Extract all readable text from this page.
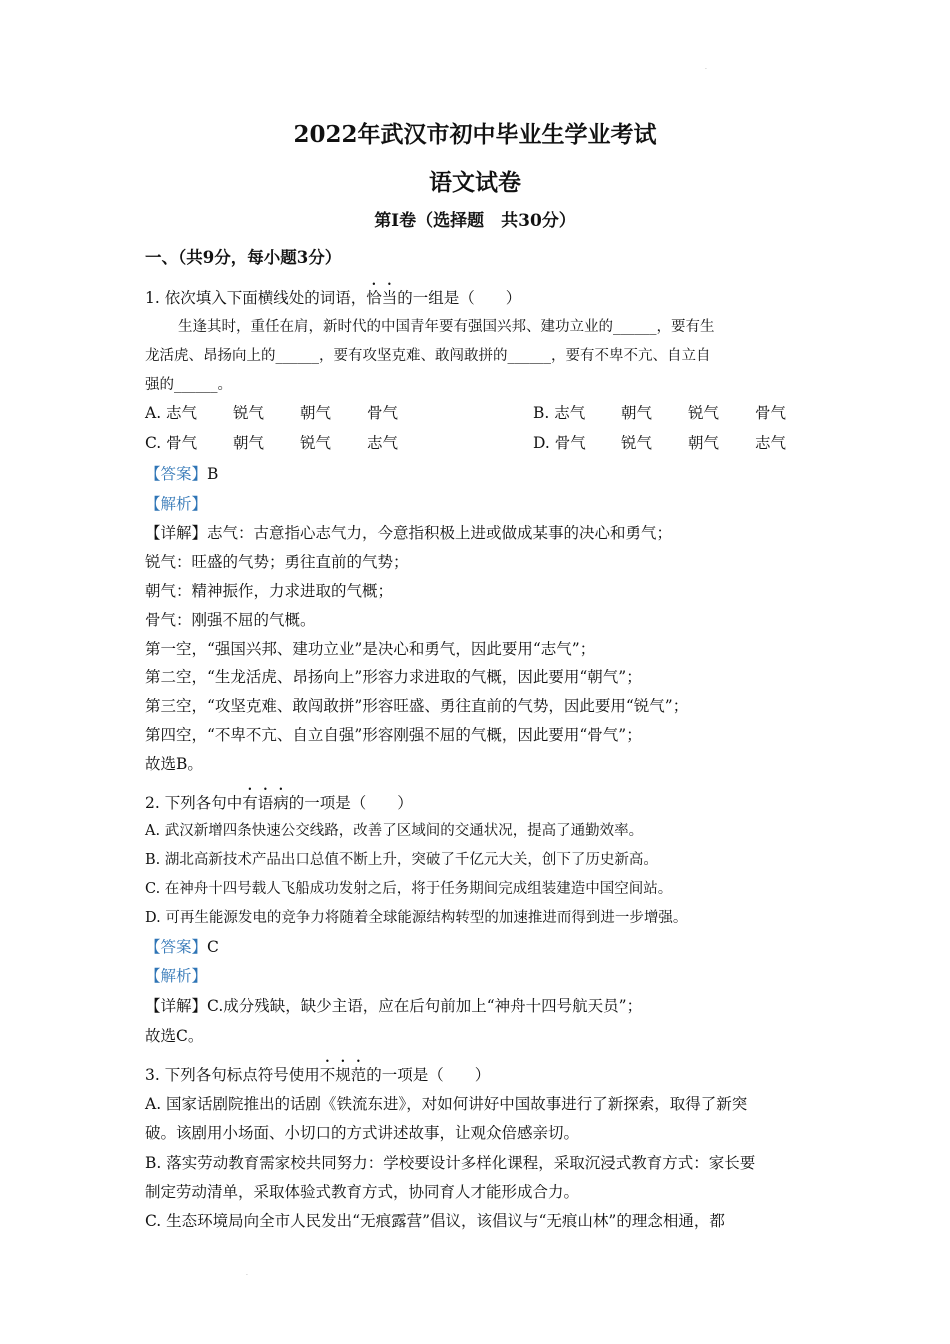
·
·
2022年武汉市初中毕业生学业考试
语文试卷
第Ⅰ卷（选择题　共30分）
一、（共9分，每小题3分）
1. 依次填入下面横线处的词语，恰当的一组是（　　）
生逢其时，重任在肩，新时代的中国青年要有强国兴邦、建功立业的______，要有生
龙活虎、昂扬向上的______，要有攻坚克难、敢闯敢拼的______，要有不卑不亢、自立自
强的______。
A. 志气 锐气 朝气 骨气	B. 志气 朝气 锐气 骨气
C. 骨气 朝气 锐气 志气	D. 骨气 锐气 朝气 志气
【答案】B
【解析】
【详解】志气：古意指心志气力，今意指积极上进或做成某事的决心和勇气；
锐气：旺盛的气势；勇往直前的气势；
朝气：精神振作，力求进取的气概；
骨气：刚强不屈的气概。
第一空，“强国兴邦、建功立业”是决心和勇气，因此要用“志气”；
第二空，“生龙活虎、昂扬向上”形容力求进取的气概，因此要用“朝气”；
第三空，“攻坚克难、敢闯敢拼”形容旺盛、勇往直前的气势，因此要用“锐气”；
第四空，“不卑不亢、自立自强”形容刚强不屈的气概，因此要用“骨气”；
故选B。
2. 下列各句中有语病的一项是（　　）
A. 武汉新增四条快速公交线路，改善了区域间的交通状况，提高了通勤效率。
B. 湖北高新技术产品出口总值不断上升，突破了千亿元大关，创下了历史新高。
C. 在神舟十四号载人飞船成功发射之后，将于任务期间完成组装建造中国空间站。
D. 可再生能源发电的竞争力将随着全球能源结构转型的加速推进而得到进一步增强。
【答案】C
【解析】
【详解】C.成分残缺，缺少主语，应在后句前加上“神舟十四号航天员”；
故选C。
3. 下列各句标点符号使用不规范的一项是（　　）
A. 国家话剧院推出的话剧《铁流东进》，对如何讲好中国故事进行了新探索，取得了新突
破。该剧用小场面、小切口的方式讲述故事，让观众倍感亲切。
B. 落实劳动教育需家校共同努力：学校要设计多样化课程，采取沉浸式教育方式：家长要
制定劳动清单，采取体验式教育方式，协同育人才能形成合力。
C. 生态环境局向全市人民发出“无痕露营”倡议，该倡议与“无痕山林”的理念相通，都
